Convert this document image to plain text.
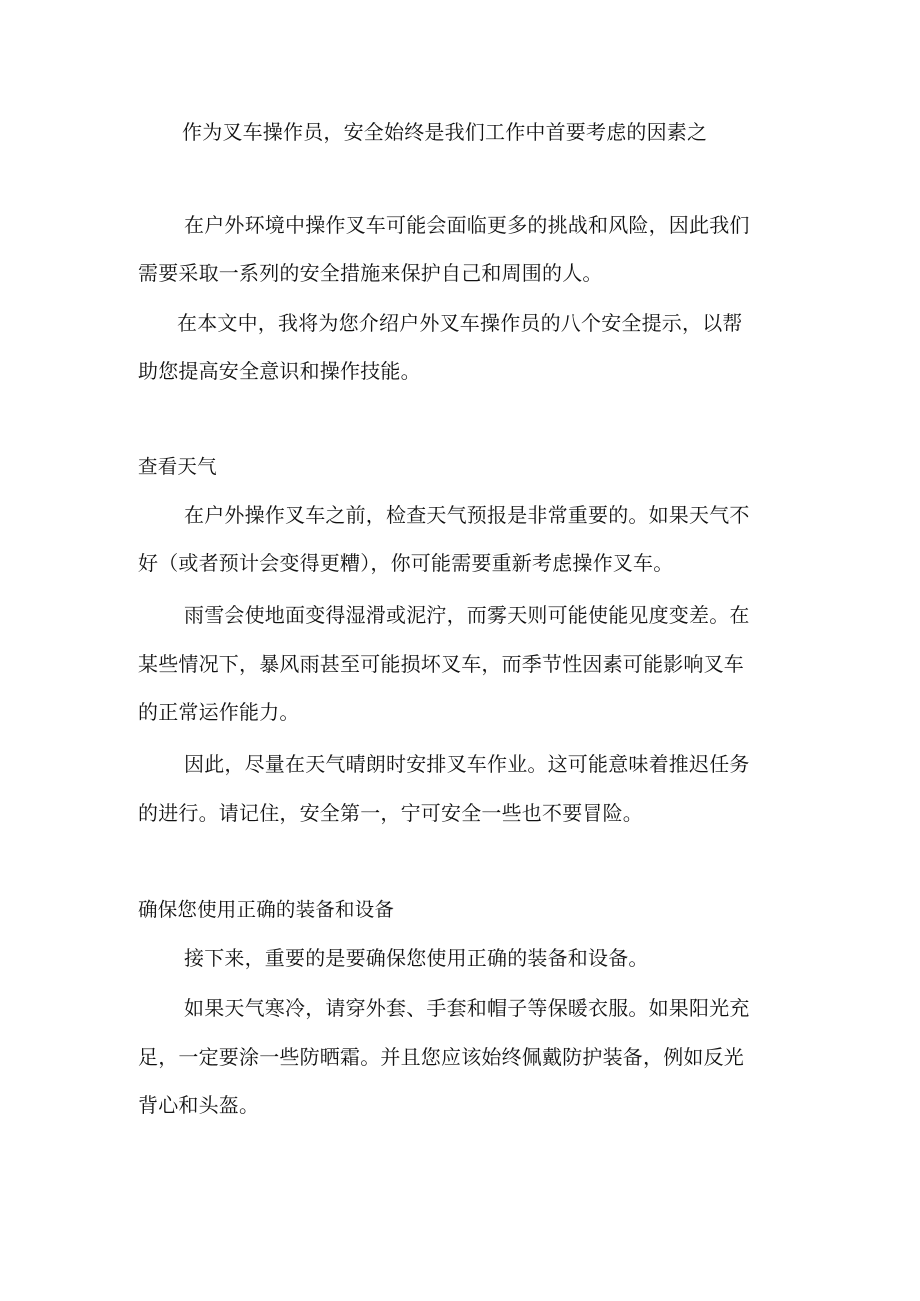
作为叉车操作员，安全始终是我们工作中首要考虑的因素之
在户外环境中操作叉车可能会面临更多的挑战和风险，因此我们
需要采取一系列的安全措施来保护自己和周围的人。
在本文中，我将为您介绍户外叉车操作员的八个安全提示，以帮
助您提高安全意识和操作技能。
查看天气
在户外操作叉车之前，检查天气预报是非常重要的。如果天气不
好（或者预计会变得更糟），你可能需要重新考虑操作叉车。
雨雪会使地面变得湿滑或泥泞，而雾天则可能使能见度变差。在
某些情况下，暴风雨甚至可能损坏叉车，而季节性因素可能影响叉车
的正常运作能力。
因此，尽量在天气晴朗时安排叉车作业。这可能意味着推迟任务
的进行。请记住，安全第一，宁可安全一些也不要冒险。
确保您使用正确的装备和设备
接下来，重要的是要确保您使用正确的装备和设备。
如果天气寒冷，请穿外套、手套和帽子等保暖衣服。如果阳光充
足，一定要涂一些防晒霜。并且您应该始终佩戴防护装备，例如反光
背心和头盔。
